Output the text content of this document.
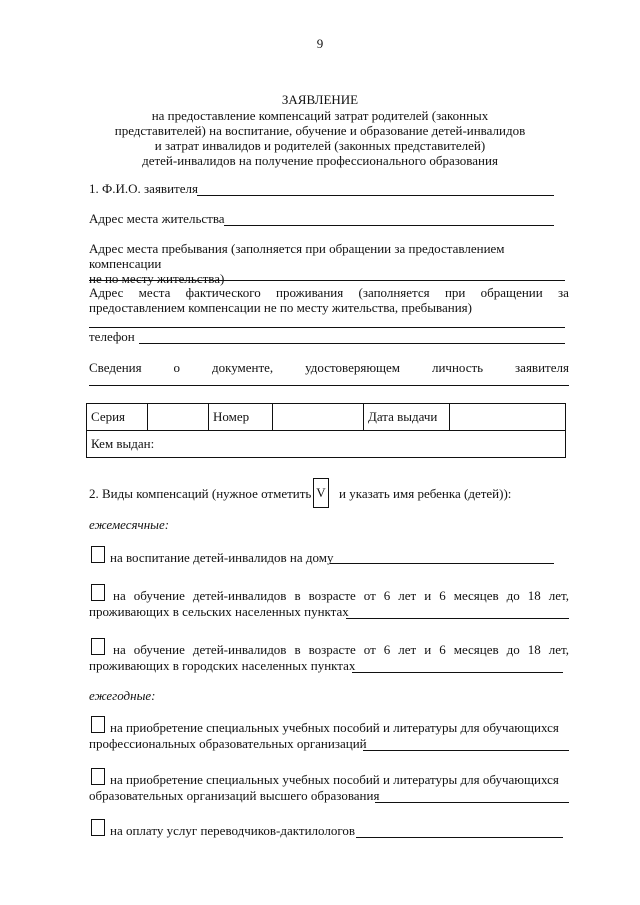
9
ЗАЯВЛЕНИЕ
на предоставление компенсаций затрат родителей (законных
представителей) на воспитание, обучение и образование детей-инвалидов
и затрат инвалидов и родителей (законных представителей)
детей-инвалидов на получение профессионального образования
1. Ф.И.О. заявителя
Адрес места жительства
Адрес места пребывания (заполняется при обращении за предоставлением компенсации
не по месту жительства)
Адрес места фактического проживания (заполняется при обращении за
предоставлением компенсации не по месту жительства, пребывания)
телефон
Сведения о документе, удостоверяющем личность заявителя
Серия		Номер		Дата выдачи	
Кем выдан:
2. Виды компенсаций (нужное отметить V и указать имя ребенка (детей)):
ежемесячные:
на воспитание детей-инвалидов на дому
на обучение детей-инвалидов в возрасте от 6 лет и 6 месяцев до 18 лет,
проживающих в сельских населенных пунктах
на обучение детей-инвалидов в возрасте от 6 лет и 6 месяцев до 18 лет,
проживающих в городских населенных пунктах
ежегодные:
на приобретение специальных учебных пособий и литературы для обучающихся
профессиональных образовательных организаций
на приобретение специальных учебных пособий и литературы для обучающихся
образовательных организаций высшего образования
на оплату услуг переводчиков-дактилологов
